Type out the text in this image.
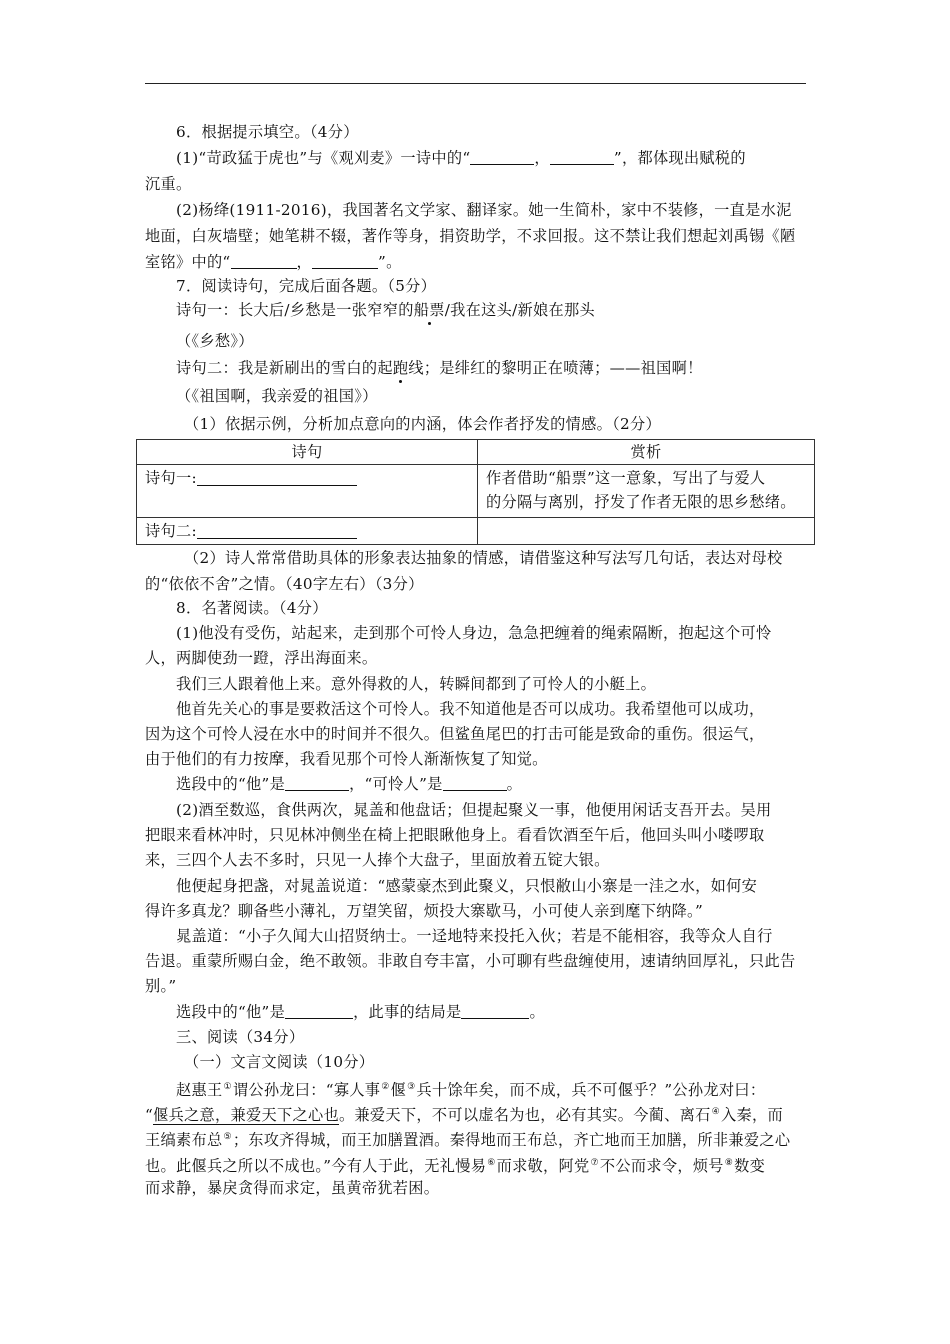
6．根据提示填空。（4分）
(1)“苛政猛于虎也”与《观刈麦》一诗中的“	，	”，都体现出赋税的
沉重。
(2)杨绛(1911-2016)，我国著名文学家、翻译家。她一生简朴，家中不装修，一直是水泥
地面，白灰墙壁；她笔耕不辍，著作等身，捐资助学，不求回报。这不禁让我们想起刘禹锡《陋
室铭》中的“	，	”。
7．阅读诗句，完成后面各题。（5分）
诗句一：长大后/乡愁是一张窄窄的船票/我在这头/新娘在那头
（《乡愁》）
诗句二：我是新刷出的雪白的起跑线；是绯红的黎明正在喷薄；——祖国啊！
（《祖国啊，我亲爱的祖国》）
（1）依据示例，分析加点意向的内涵，体会作者抒发的情感。（2分）
诗句	赏析
诗句一:	作者借助“船票”这一意象，写出了与爱人
的分隔与离别，抒发了作者无限的思乡愁绪。

诗句二:	
（2）诗人常常借助具体的形象表达抽象的情感，请借鉴这种写法写几句话，表达对母校
的“依依不舍”之情。（40字左右）（3分）
8．名著阅读。（4分）
(1)他没有受伤，站起来，走到那个可怜人身边，急急把缠着的绳索隔断，抱起这个可怜
人，两脚使劲一蹬，浮出海面来。
我们三人跟着他上来。意外得救的人，转瞬间都到了可怜人的小艇上。
他首先关心的事是要救活这个可怜人。我不知道他是否可以成功。我希望他可以成功，
因为这个可怜人浸在水中的时间并不很久。但鲨鱼尾巴的打击可能是致命的重伤。很运气，
由于他们的有力按摩，我看见那个可怜人渐渐恢复了知觉。
选段中的“他”是	，“可怜人”是	。
(2)酒至数巡，食供两次，晁盖和他盘话；但提起聚义一事，他便用闲话支吾开去。吴用
把眼来看林冲时，只见林冲侧坐在椅上把眼瞅他身上。看看饮酒至午后，他回头叫小喽啰取
来，三四个人去不多时，只见一人捧个大盘子，里面放着五锭大银。
他便起身把盏，对晁盖说道：“感蒙豪杰到此聚义，只恨敝山小寨是一洼之水，如何安
得许多真龙？聊备些小薄礼，万望笑留，烦投大寨歇马，小可使人亲到麾下纳降。”
晁盖道：“小子久闻大山招贤纳士。一迳地特来投托入伙；若是不能相容，我等众人自行
告退。重蒙所赐白金，绝不敢领。非敢自夸丰富，小可聊有些盘缠使用，速请纳回厚礼，只此告
别。”
选段中的“他”是	，此事的结局是	。
三、阅读（34分）
（一）文言文阅读（10分）
赵惠王①谓公孙龙曰：“寡人事②偃③兵十馀年矣，而不成，兵不可偃乎？”公孙龙对曰：
“偃兵之意，兼爱天下之心也。兼爱天下，不可以虚名为也，必有其实。今蔺、离石④入秦，而
王缟素布总⑤；东攻齐得城，而王加膳置酒。秦得地而王布总，齐亡地而王加膳，所非兼爱之心
也。此偃兵之所以不成也。”今有人于此，无礼慢易⑥而求敬，阿党⑦不公而求令，烦号⑧数变
而求静，暴戾贪得而求定，虽黄帝犹若困。
